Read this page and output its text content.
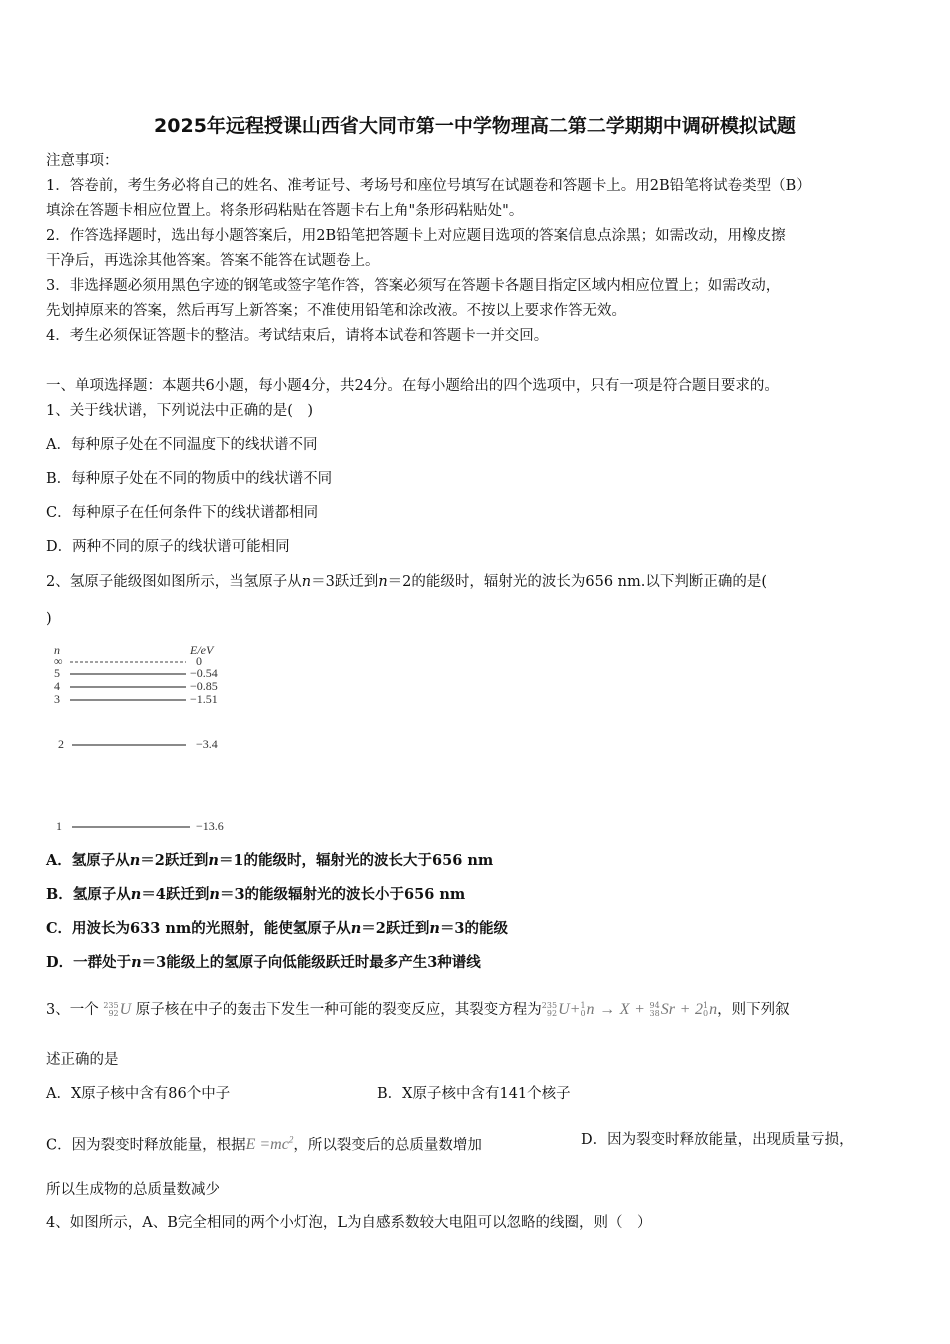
2025年远程授课山西省大同市第一中学物理高二第二学期期中调研模拟试题
注意事项：
1．答卷前，考生务必将自己的姓名、准考证号、考场号和座位号填写在试题卷和答题卡上。用2B铅笔将试卷类型（B）
填涂在答题卡相应位置上。将条形码粘贴在答题卡右上角"条形码粘贴处"。
2．作答选择题时，选出每小题答案后，用2B铅笔把答题卡上对应题目选项的答案信息点涂黑；如需改动，用橡皮擦
干净后，再选涂其他答案。答案不能答在试题卷上。
3．非选择题必须用黑色字迹的钢笔或签字笔作答，答案必须写在答题卡各题目指定区域内相应位置上；如需改动，
先划掉原来的答案，然后再写上新答案；不准使用铅笔和涂改液。不按以上要求作答无效。
4．考生必须保证答题卡的整洁。考试结束后，请将本试卷和答题卡一并交回。
一、单项选择题：本题共6小题，每小题4分，共24分。在每小题给出的四个选项中，只有一项是符合题目要求的。
1、关于线状谱，下列说法中正确的是(　)
A．每种原子处在不同温度下的线状谱不同
B．每种原子处在不同的物质中的线状谱不同
C．每种原子在任何条件下的线状谱都相同
D．两种不同的原子的线状谱可能相同
2、氢原子能级图如图所示，当氢原子从n＝3跃迁到n＝2的能级时，辐射光的波长为656 nm.以下判断正确的是(
)
n	E/eV
∞	0
5	−0.54
4	−0.85
3	−1.51
2	−3.4
1	−13.6
A．氢原子从n＝2跃迁到n＝1的能级时，辐射光的波长大于656 nm
B．氢原子从n＝4跃迁到n＝3的能级辐射光的波长小于656 nm
C．用波长为633 nm的光照射，能使氢原子从n＝2跃迁到n＝3的能级
D．一群处于n＝3能级上的氢原子向低能级跃迁时最多产生3种谱线
3、一个 235
92 U 原子核在中子的轰击下发生一种可能的裂变反应，其裂变方程为 235
92 U+ 1
0 n → X + 94
38 Sr + 2 1
0 n，则下列叙
述正确的是
A．X原子核中含有86个中子	B．X原子核中含有141个核子
C．因为裂变时释放能量，根据$E =mc^2$，所以裂变后的总质量数增加	D．因为裂变时释放能量，出现质量亏损，
所以生成物的总质量数减少
4、如图所示，A、B完全相同的两个小灯泡，L为自感系数较大电阻可以忽略的线圈，则（　）
